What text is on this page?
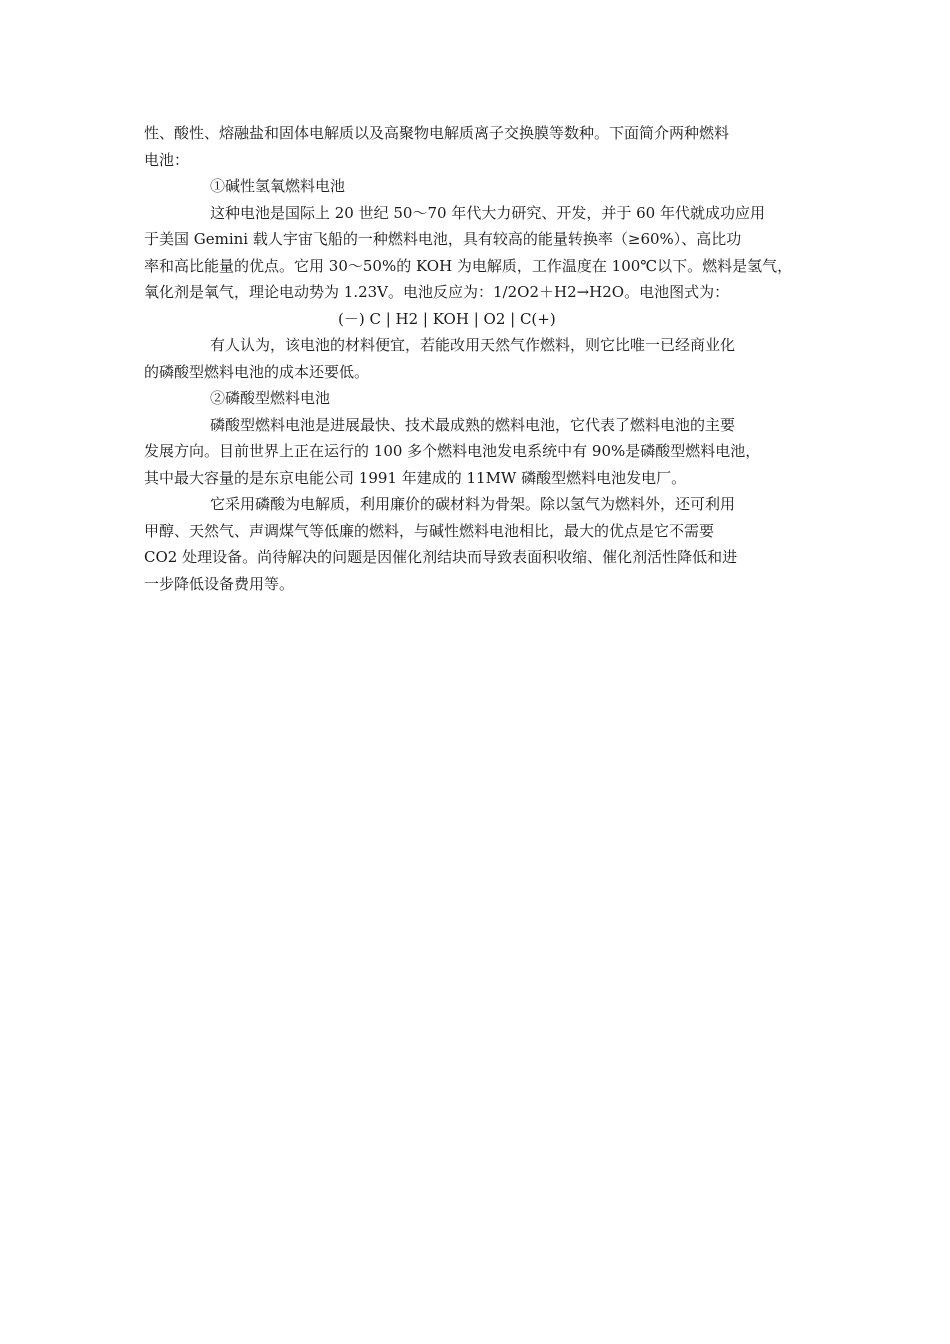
性、酸性、熔融盐和固体电解质以及高聚物电解质离子交换膜等数种。下面简介两种燃料
电池：
①碱性氢氧燃料电池
这种电池是国际上 20 世纪 50～70 年代大力研究、开发，并于 60 年代就成功应用
于美国 Gemini 载人宇宙飞船的一种燃料电池，具有较高的能量转换率（≥60%）、高比功
率和高比能量的优点。它用 30～50%的 KOH 为电解质，工作温度在 100℃以下。燃料是氢气，
氧化剂是氧气，理论电动势为 1.23V。电池反应为：1/2O2＋H2→H2O。电池图式为：
(－) C | H2 | KOH | O2 | C(+)
有人认为，该电池的材料便宜，若能改用天然气作燃料，则它比唯一已经商业化
的磷酸型燃料电池的成本还要低。
②磷酸型燃料电池
磷酸型燃料电池是进展最快、技术最成熟的燃料电池，它代表了燃料电池的主要
发展方向。目前世界上正在运行的 100 多个燃料电池发电系统中有 90%是磷酸型燃料电池，
其中最大容量的是东京电能公司 1991 年建成的 11MW 磷酸型燃料电池发电厂。
它采用磷酸为电解质，利用廉价的碳材料为骨架。除以氢气为燃料外，还可利用
甲醇、天然气、声调煤气等低廉的燃料，与碱性燃料电池相比，最大的优点是它不需要
CO2 处理设备。尚待解决的问题是因催化剂结块而导致表面积收缩、催化剂活性降低和进
一步降低设备费用等。
